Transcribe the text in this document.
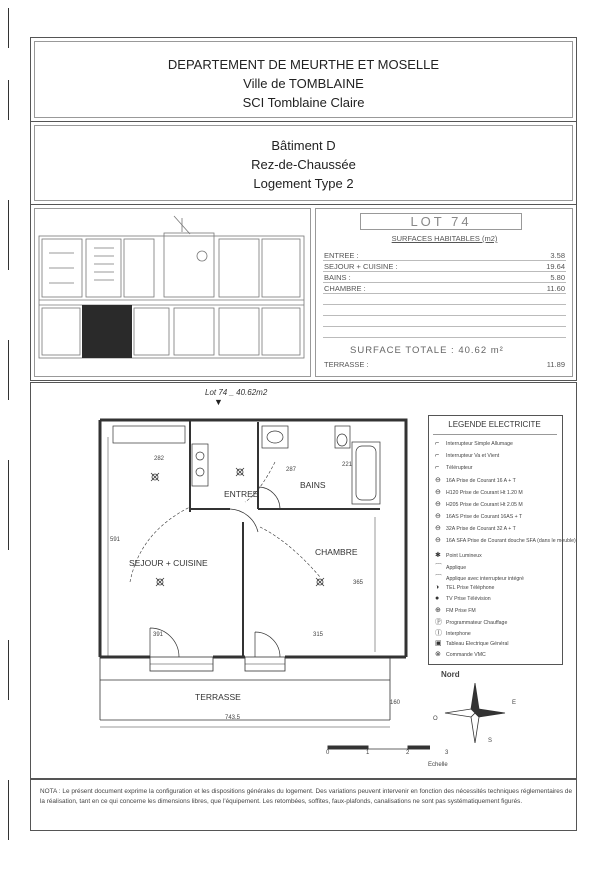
DEPARTEMENT DE MEURTHE ET MOSELLE
Ville de TOMBLAINE
SCI Tomblaine Claire
Bâtiment D
Rez-de-Chaussée
Logement Type 2
LOT 74
SURFACES HABITABLES (m2)
ENTREE :	3.58
SEJOUR + CUISINE :	19.64
BAINS :	5.80
CHAMBRE :	11.60
SURFACE TOTALE : 40.62 m²
TERRASSE :	11.89
Lot 74 _ 40.62m2
▼
SEJOUR + CUISINE
ENTREE
BAINS
CHAMBRE
TERRASSE
282
287
221
591
365
391	315
743.5
160
0	1	2	3
Echelle
Nord
E
S
O
LEGENDE ELECTRICITE
⌐ Interrupteur Simple Allumage
⌐ Interrupteur Va et Vient
⌐ Télérupteur
⊖ 16A Prise de Courant 16 A + T
⊖ H120 Prise de Courant Ht 1.20 M
⊖ H205 Prise de Courant Ht 2.05 M
⊖ 16AS Prise de Courant 16AS + T
⊖ 32A Prise de Courant 32 A + T
⊖ 16A SFA Prise de Courant douche SFA (dans le meuble)
✱ Point Lumineux
⌒ Applique
⌒ Applique avec interrupteur intégré
◑ TEL Prise Téléphone
● TV Prise Télévision
⊕ FM Prise FM
Ⓟ Programmateur Chauffage
Ⓘ Interphone
▣ Tableau Electrique Général
⊗ Commande VMC
NOTA : Le présent document exprime la configuration et les dispositions générales du logement. Des variations peuvent intervenir en fonction des nécessités techniques réglementaires de la réalisation, tant en ce qui concerne les dimensions libres, que l'équipement. Les retombées, soffites, faux-plafonds, canalisations ne sont pas systématiquement figurés.
